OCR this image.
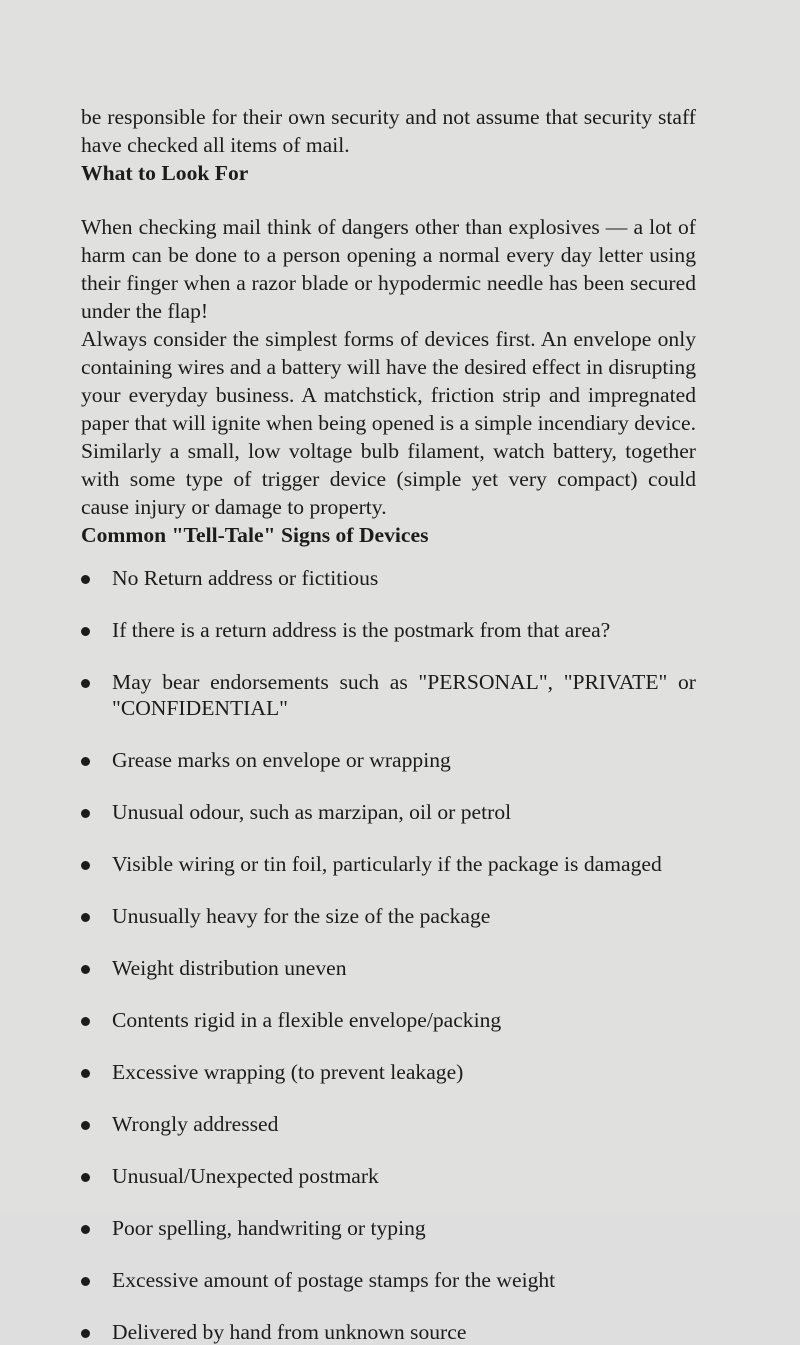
be responsible for their own security and not assume that security staff have checked all items of mail.

What to Look For

When checking mail think of dangers other than explosives — a lot of harm can be done to a person opening a normal every day letter using their finger when a razor blade or hypodermic needle has been secured under the flap!

Always consider the simplest forms of devices first. An envelope only containing wires and a battery will have the desired effect in disrupting your everyday business. A matchstick, friction strip and impregnated paper that will ignite when being opened is a simple incendiary device. Similarly a small, low voltage bulb filament, watch battery, together with some type of trigger device (simple yet very compact) could cause injury or damage to property.

Common "Tell-Tale" Signs of Devices
No Return address or fictitious
If there is a return address is the postmark from that area?
May bear endorsements such as "PERSONAL", "PRIVATE" or
"CONFIDENTIAL"
Grease marks on envelope or wrapping
Unusual odour, such as marzipan, oil or petrol
Visible wiring or tin foil, particularly if the package is damaged
Unusually heavy for the size of the package
Weight distribution uneven
Contents rigid in a flexible envelope/packing
Excessive wrapping (to prevent leakage)
Wrongly addressed
Unusual/Unexpected postmark
Poor spelling, handwriting or typing
Excessive amount of postage stamps for the weight
Delivered by hand from unknown source
